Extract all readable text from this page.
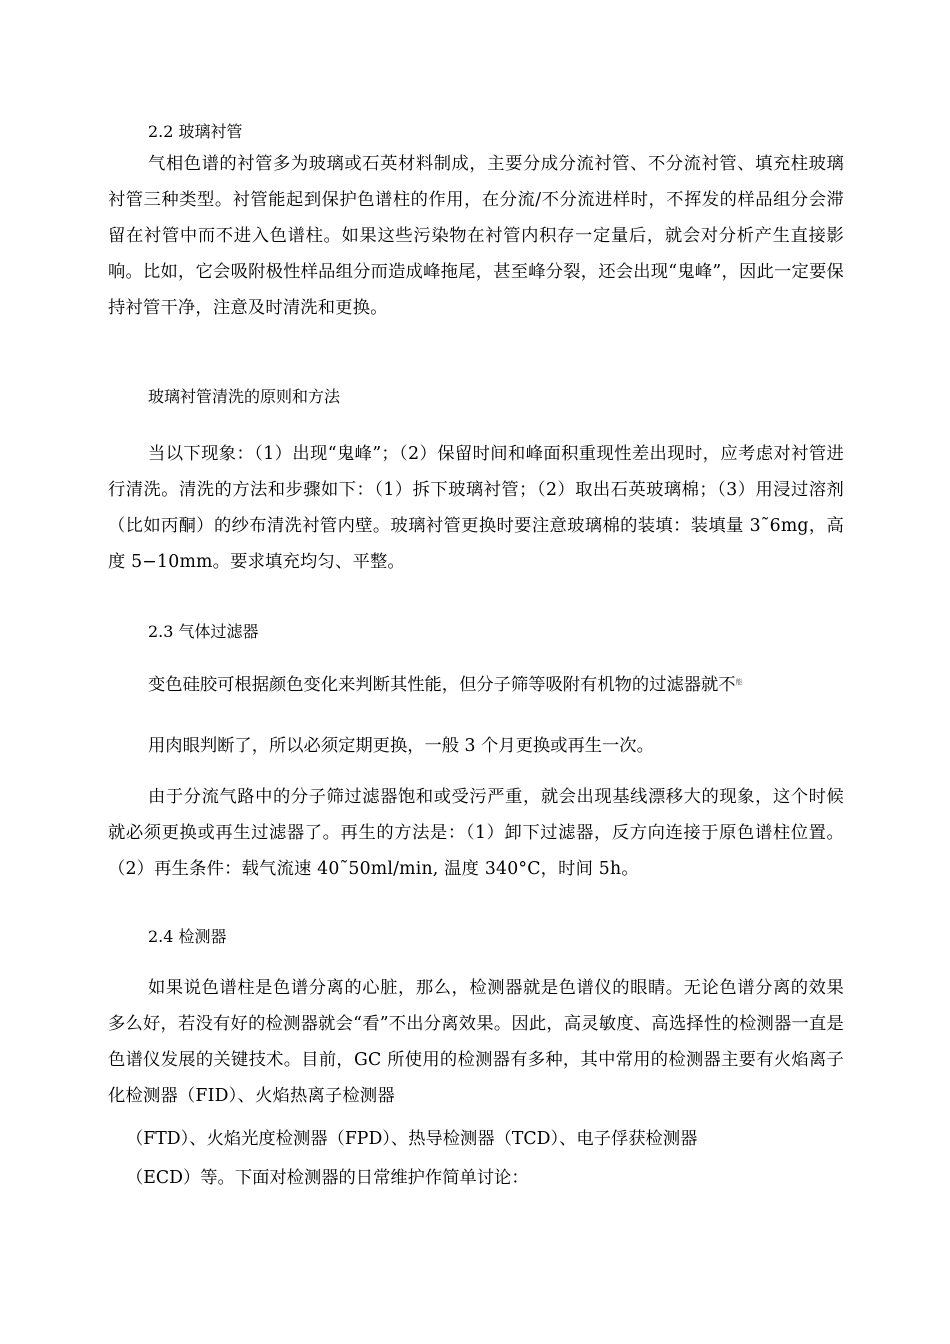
2.2 玻璃衬管
气相色谱的衬管多为玻璃或石英材料制成，主要分成分流衬管、不分流衬管、填充柱玻璃衬管三种类型。衬管能起到保护色谱柱的作用，在分流/不分流进样时，不挥发的样品组分会滞留在衬管中而不进入色谱柱。如果这些污染物在衬管内积存一定量后，就会对分析产生直接影响。比如，它会吸附极性样品组分而造成峰拖尾，甚至峰分裂，还会出现“鬼峰”，因此一定要保持衬管干净，注意及时清洗和更换。
玻璃衬管清洗的原则和方法
当以下现象：（1）出现“鬼峰”；（2）保留时间和峰面积重现性差出现时，应考虑对衬管进行清洗。清洗的方法和步骤如下：（1）拆下玻璃衬管；（2）取出石英玻璃棉；（3）用浸过溶剂（比如丙酮）的纱布清洗衬管内壁。玻璃衬管更换时要注意玻璃棉的装填：装填量 3˜6mg，高度 5−10mm。要求填充均匀、平整。
2.3 气体过滤器
变色硅胶可根据颜色变化来判断其性能，但分子筛等吸附有机物的过滤器就不$^能$
用肉眼判断了，所以必须定期更换，一般 3 个月更换或再生一次。
由于分流气路中的分子筛过滤器饱和或受污严重，就会出现基线漂移大的现象，这个时候就必须更换或再生过滤器了。再生的方法是：（1）卸下过滤器，反方向连接于原色谱柱位置。（2）再生条件：载气流速 40˜50ml/min, 温度 340°C，时间 5h。
2.4 检测器
如果说色谱柱是色谱分离的心脏，那么，检测器就是色谱仪的眼睛。无论色谱分离的效果多么好，若没有好的检测器就会“看”不出分离效果。因此，高灵敏度、高选择性的检测器一直是色谱仪发展的关键技术。目前，GC 所使用的检测器有多种，其中常用的检测器主要有火焰离子化检测器（FID）、火焰热离子检测器
（FTD）、火焰光度检测器（FPD）、热导检测器（TCD）、电子俘获检测器
（ECD）等。下面对检测器的日常维护作简单讨论：
